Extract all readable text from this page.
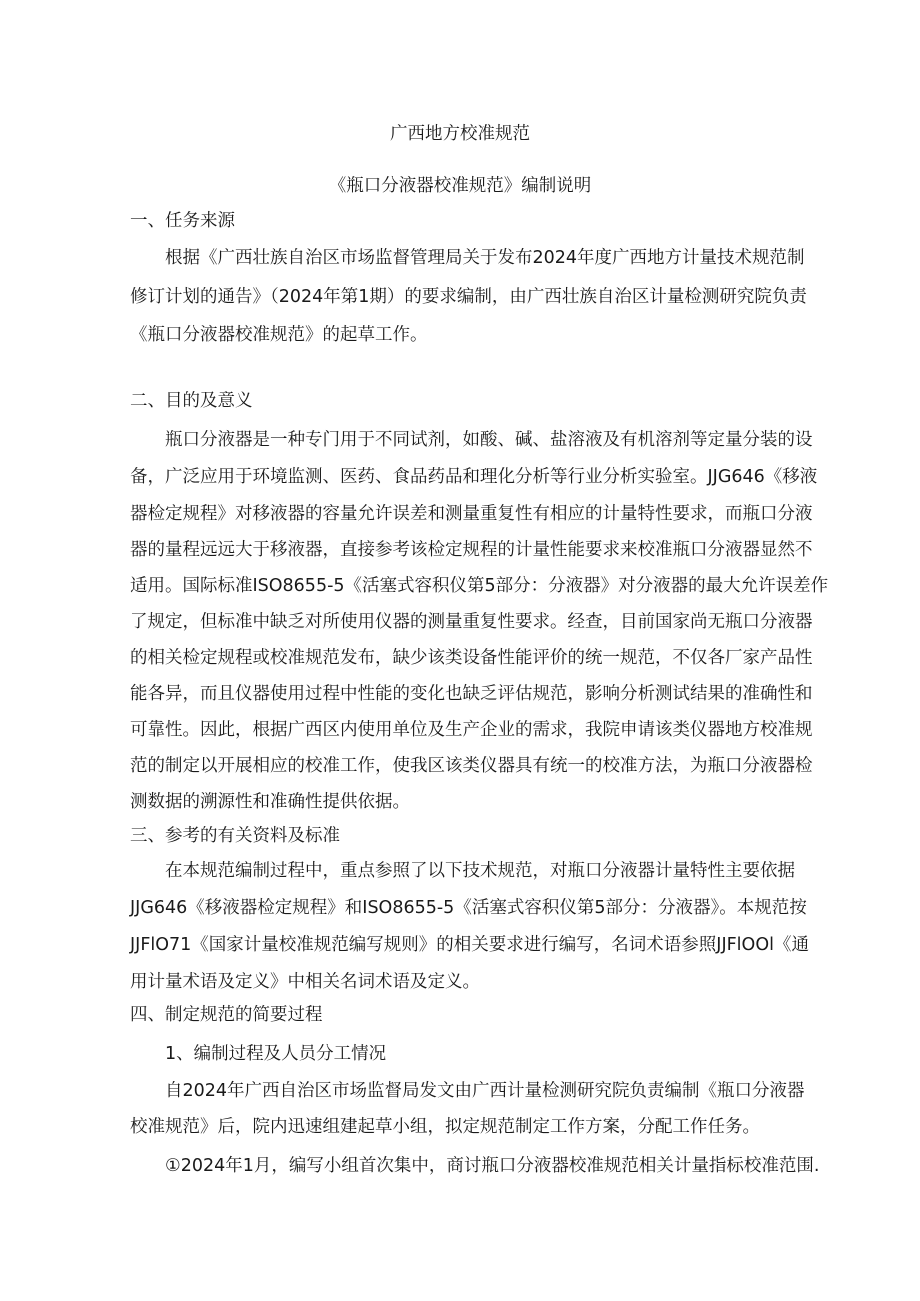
广西地方校准规范
《瓶口分液器校准规范》编制说明
一、任务来源
根据《广西壮族自治区市场监督管理局关于发布2024年度广西地方计量技术规范制
修订计划的通告》（2024年第1期）的要求编制，由广西壮族自治区计量检测研究院负责
《瓶口分液器校准规范》的起草工作。
二、目的及意义
瓶口分液器是一种专门用于不同试剂，如酸、碱、盐溶液及有机溶剂等定量分装的设
备，广泛应用于环境监测、医药、食品药品和理化分析等行业分析实验室。JJG646《移液
器检定规程》对移液器的容量允许误差和测量重复性有相应的计量特性要求，而瓶口分液
器的量程远远大于移液器，直接参考该检定规程的计量性能要求来校准瓶口分液器显然不
适用。国际标准ISO8655-5《活塞式容积仪第5部分：分液器》对分液器的最大允许误差作
了规定，但标准中缺乏对所使用仪器的测量重复性要求。经查，目前国家尚无瓶口分液器
的相关检定规程或校准规范发布，缺少该类设备性能评价的统一规范，不仅各厂家产品性
能各异，而且仪器使用过程中性能的变化也缺乏评估规范，影响分析测试结果的准确性和
可靠性。因此，根据广西区内使用单位及生产企业的需求，我院申请该类仪器地方校准规
范的制定以开展相应的校准工作，使我区该类仪器具有统一的校准方法，为瓶口分液器检
测数据的溯源性和准确性提供依据。
三、参考的有关资料及标准
在本规范编制过程中，重点参照了以下技术规范，对瓶口分液器计量特性主要依据
JJG646《移液器检定规程》和ISO8655-5《活塞式容积仪第5部分：分液器》。本规范按
JJFlO71《国家计量校准规范编写规则》的相关要求进行编写，名词术语参照JJFlOOl《通
用计量术语及定义》中相关名词术语及定义。
四、制定规范的简要过程
1、编制过程及人员分工情况
自2024年广西自治区市场监督局发文由广西计量检测研究院负责编制《瓶口分液器
校准规范》后，院内迅速组建起草小组，拟定规范制定工作方案，分配工作任务。
①2024年1月，编写小组首次集中，商讨瓶口分液器校准规范相关计量指标校准范围.
